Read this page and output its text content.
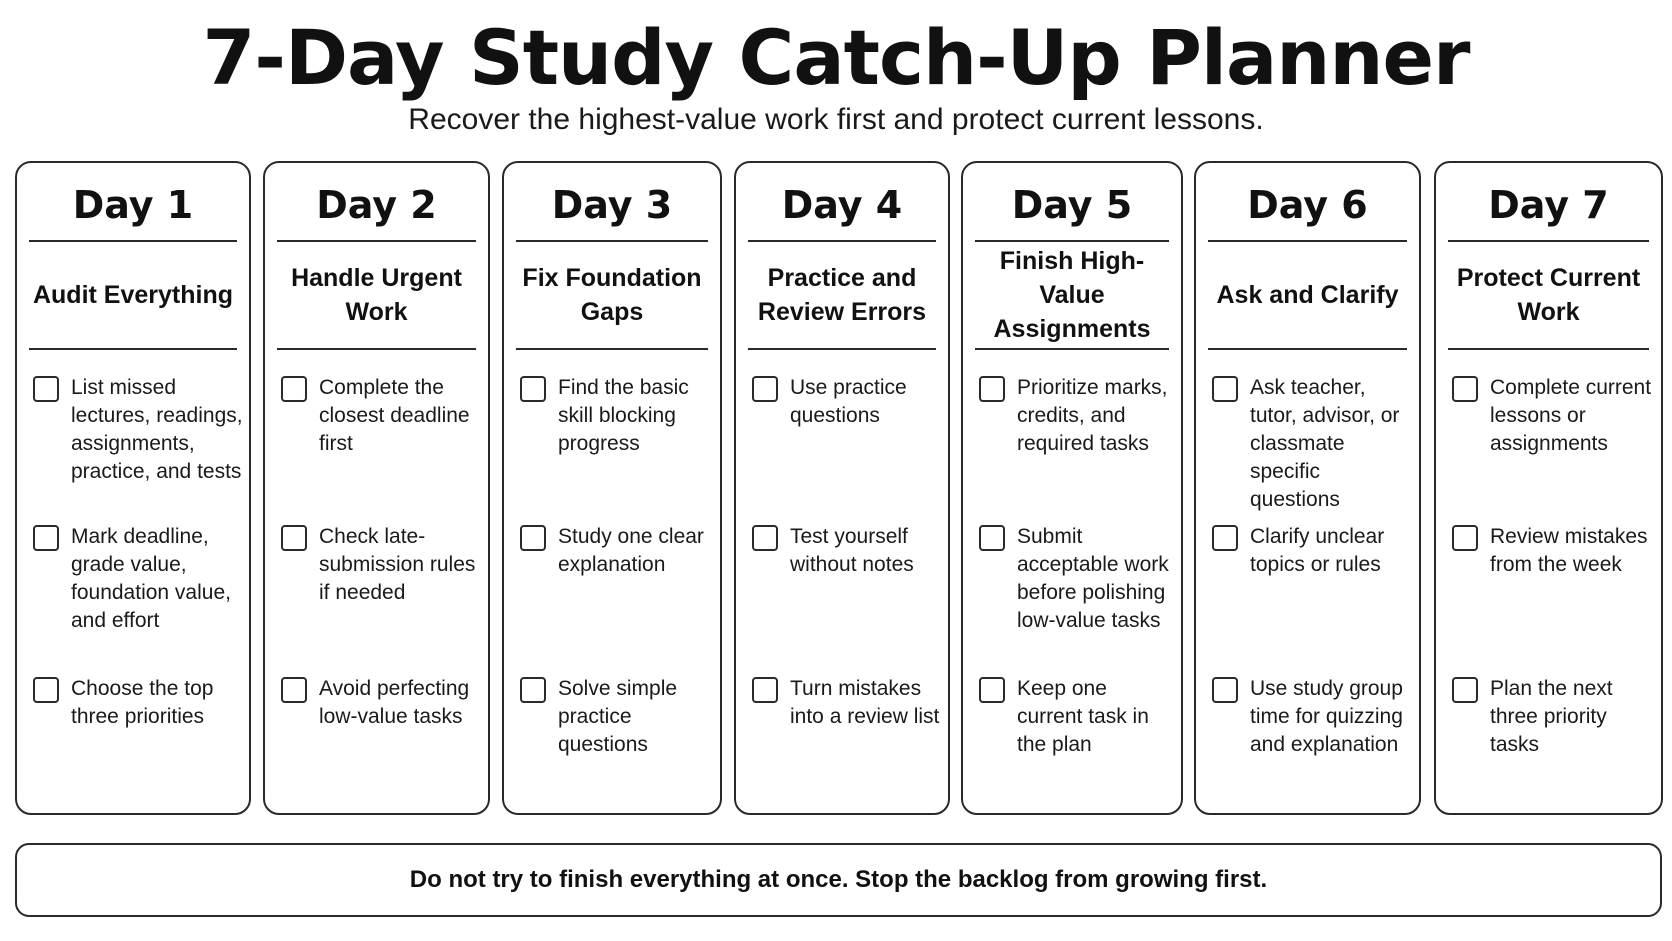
7-Day Study Catch-Up Planner
Recover the highest-value work first and protect current lessons.
Day 1
Audit Everything
List missed lectures, readings, assignments, practice, and tests
Mark deadline, grade value, foundation value, and effort
Choose the top three priorities
Day 2
Handle Urgent Work
Complete the closest deadline first
Check late-submission rules if needed
Avoid perfecting low-value tasks
Day 3
Fix Foundation Gaps
Find the basic skill blocking progress
Study one clear explanation
Solve simple practice questions
Day 4
Practice and Review Errors
Use practice questions
Test yourself without notes
Turn mistakes into a review list
Day 5
Finish High-Value Assignments
Prioritize marks, credits, and required tasks
Submit acceptable work before polishing low-value tasks
Keep one current task in the plan
Day 6
Ask and Clarify
Ask teacher, tutor, advisor, or classmate specific questions
Clarify unclear topics or rules
Use study group time for quizzing and explanation
Day 7
Protect Current Work
Complete current lessons or assignments
Review mistakes from the week
Plan the next three priority tasks
Do not try to finish everything at once. Stop the backlog from growing first.
